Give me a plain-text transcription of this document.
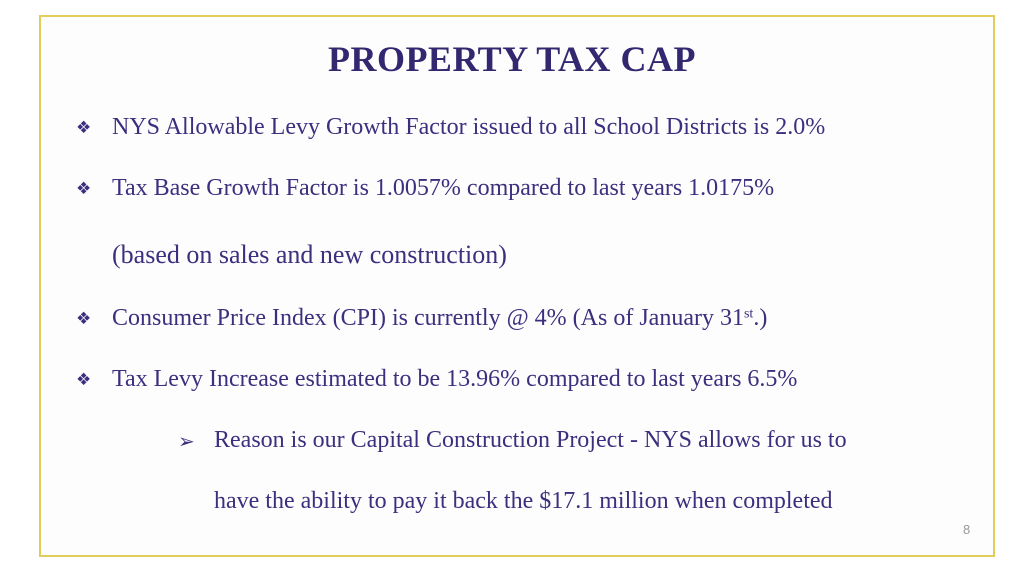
PROPERTY TAX CAP
❖ NYS Allowable Levy Growth Factor issued to all School Districts is 2.0%
❖ Tax Base Growth Factor is 1.0057% compared to last years 1.0175%
(based on sales and new construction)
❖ Consumer Price Index (CPI) is currently @ 4% (As of January 31st.)
❖ Tax Levy Increase estimated to be 13.96% compared to last years 6.5%
➢ Reason is our Capital Construction Project - NYS allows for us to
have the ability to pay it back the $17.1 million when completed
8
